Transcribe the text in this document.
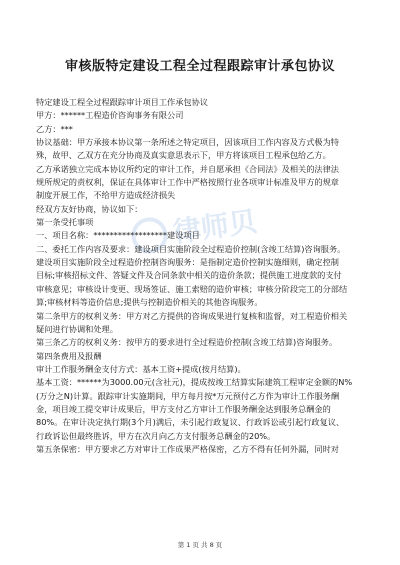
审核版特定建设工程全过程跟踪审计承包协议
律师贝
特定建设工程全过程跟踪审计项目工作承包协议
甲方：******工程造价咨询事务有限公司
乙方：***
协议基础：甲方承接本协议第一条所述之特定项目，因该项目工作内容及方式极为特
殊，故甲、乙双方在充分协商及真实意思表示下，甲方将该项目工程承包给乙方。
乙方承诺独立完成本协议所约定的审计工作，并自愿承担《合同法》及相关的法律法
规所规定的责权利，保证在具体审计工作中严格按照行业各项审计标准及甲方的规章
制度开展工作，不给甲方造成经济损失
经双方友好协商，协议如下：
第一条受托事项
一、项目名称：******************建设项目
二、委托工作内容及要求：建设项目实施阶段全过程造价控制(含竣工结算)咨询服务。
建设项目实施阶段全过程造价控制咨询服务：是指制定造价控制实施细则，确定控制
目标;审核招标文件、答疑文件及合同条款中相关的造价条款；提供施工进度款的支付
审核意见；审核设计变更、现场签证、施工索赔的造价审核；审核分阶段完工的分部结
算;审核材料等造价信息;提供与控制造价相关的其他咨询服务。
第二条甲方的权利义务：甲方对乙方提供的咨询成果进行复核和监督，对工程造价相关
疑问进行协调和处理。
第三条乙方的权利义务：按甲方的要求进行全过程造价控制(含竣工结算)咨询服务。
第四条费用及报酬
审计工作服务酬金支付方式：基本工资+提成(按月结算)。
基本工资：******为3000.00元(含社元)，提成按竣工结算实际建筑工程审定金额的N%
(万分之N)计算。跟踪审计实施期间，甲方每月按*万元预付乙方作为审计工作服务酬
金，项目竣工提交审计成果后，甲方支付乙方审计工作服务酬金达到服务总酬金的
80%。在审计决定执行期(3个月)满后，未引起行政复议、行政诉讼或引起行政复议、
行政诉讼但最终胜诉，甲方在次月向乙方支付服务总酬金的20%。
第五条保密：甲方要求乙方对审计工作成果严格保密，乙方不得有任何外漏，同时对
第 1 页 共 8 页
